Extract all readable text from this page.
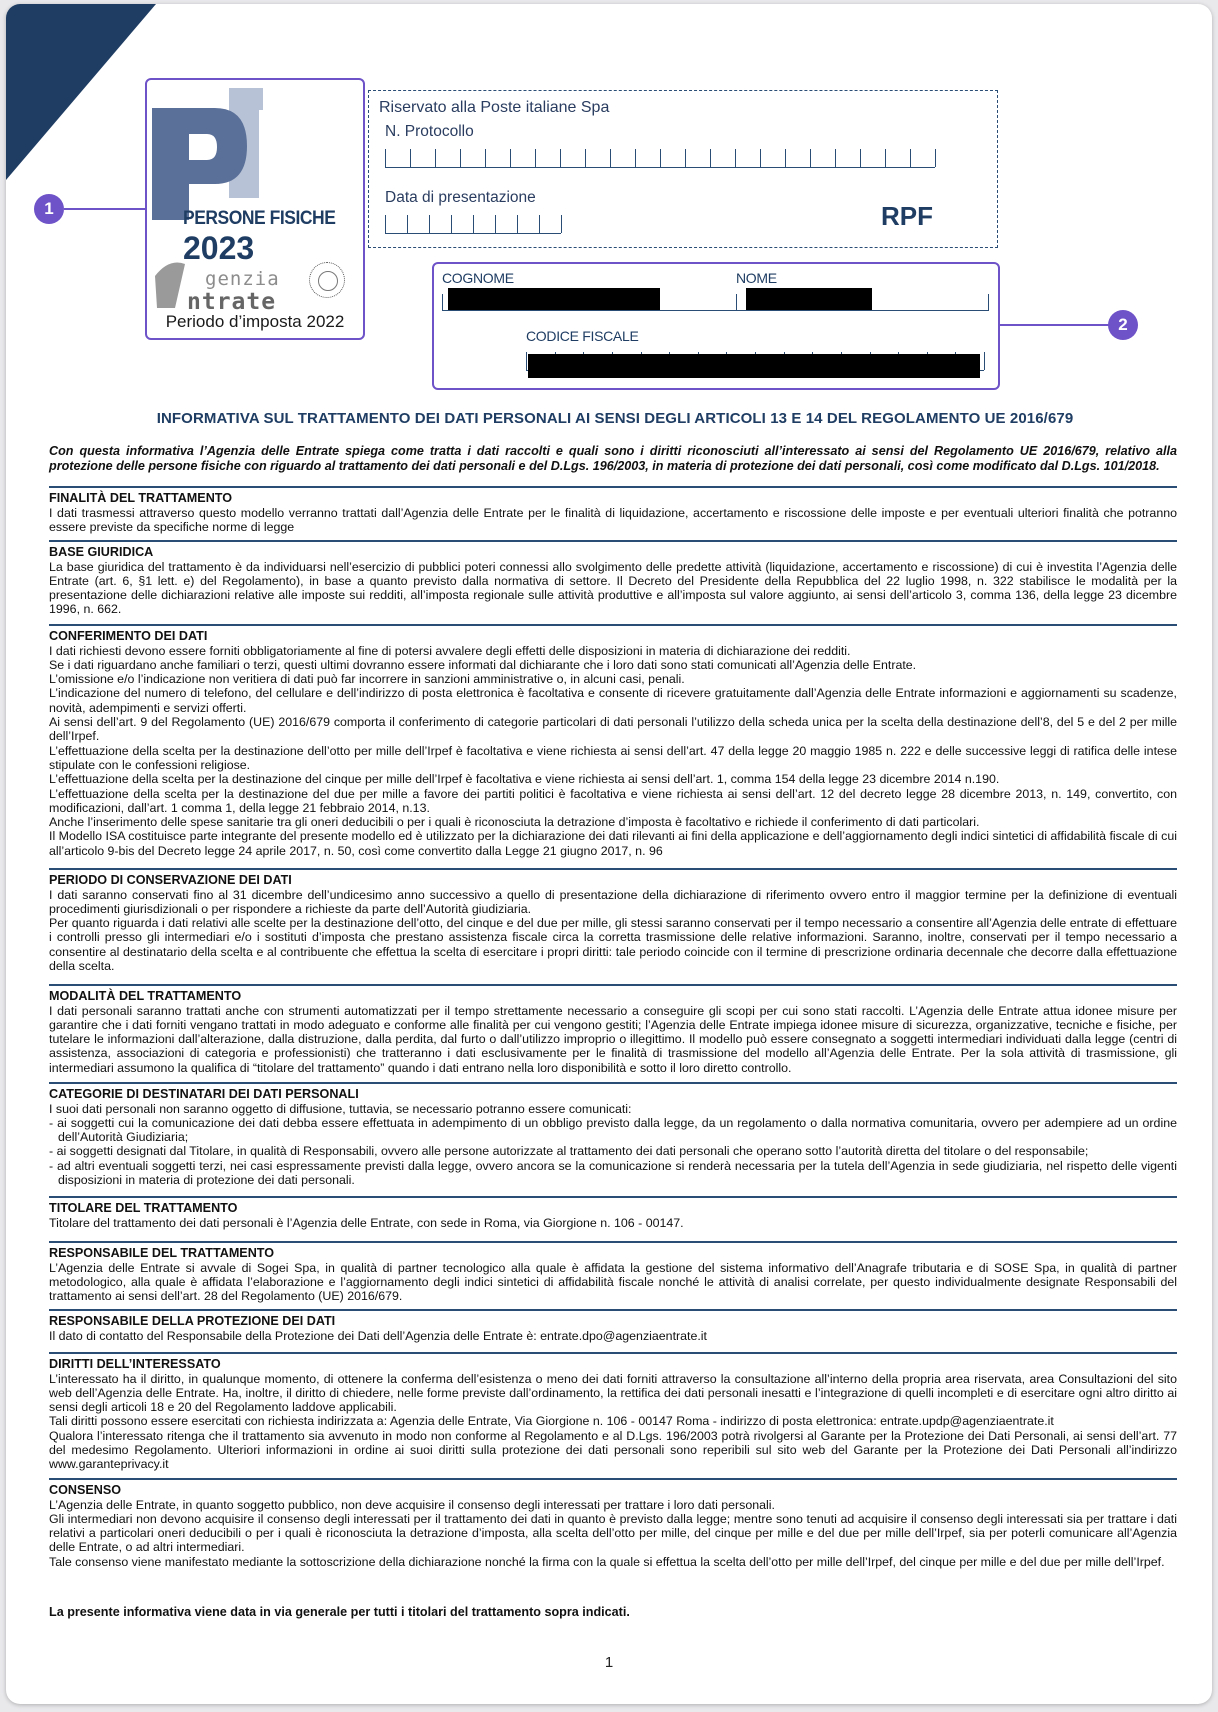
PERSONE FISICHE
2023
genzia
ntrate
Periodo d’imposta 2022
1
2
Riservato alla Poste italiane Spa
N. Protocollo
Data di presentazione
RPF
COGNOME	NOME
CODICE FISCALE
INFORMATIVA SUL TRATTAMENTO DEI DATI PERSONALI AI SENSI DEGLI ARTICOLI 13 E 14 DEL REGOLAMENTO UE 2016/679

Con questa informativa l’Agenzia delle Entrate spiega come tratta i dati raccolti e quali sono i diritti riconosciuti all’interessato ai sensi del Regolamento UE 2016/679, relativo alla protezione delle persone fisiche con riguardo al trattamento dei dati personali e del D.Lgs. 196/2003, in materia di protezione dei dati personali, così come modificato dal D.Lgs. 101/2018.

FINALITÀ DEL TRATTAMENTO

I dati trasmessi attraverso questo modello verranno trattati dall’Agenzia delle Entrate per le finalità di liquidazione, accertamento e riscossione delle imposte e per eventuali ulteriori finalità che potranno essere previste da specifiche norme di legge

BASE GIURIDICA

La base giuridica del trattamento è da individuarsi nell’esercizio di pubblici poteri connessi allo svolgimento delle predette attività (liquidazione, accertamento e riscossione) di cui è investita l’Agenzia delle Entrate (art. 6, §1 lett. e) del Regolamento), in base a quanto previsto dalla normativa di settore. Il Decreto del Presidente della Repubblica del 22 luglio 1998, n. 322 stabilisce le modalità per la presentazione delle dichiarazioni relative alle imposte sui redditi, all’imposta regionale sulle attività produttive e all’imposta sul valore aggiunto, ai sensi dell’articolo 3, comma 136, della legge 23 dicembre 1996, n. 662.

CONFERIMENTO DEI DATI

I dati richiesti devono essere forniti obbligatoriamente al fine di potersi avvalere degli effetti delle disposizioni in materia di dichiarazione dei redditi.

Se i dati riguardano anche familiari o terzi, questi ultimi dovranno essere informati dal dichiarante che i loro dati sono stati comunicati all’Agenzia delle Entrate.

L’omissione e/o l’indicazione non veritiera di dati può far incorrere in sanzioni amministrative o, in alcuni casi, penali.

L’indicazione del numero di telefono, del cellulare e dell’indirizzo di posta elettronica è facoltativa e consente di ricevere gratuitamente dall’Agenzia delle Entrate informazioni e aggiornamenti su scadenze, novità, adempimenti e servizi offerti.

Ai sensi dell’art. 9 del Regolamento (UE) 2016/679 comporta il conferimento di categorie particolari di dati personali l’utilizzo della scheda unica per la scelta della destinazione dell’8, del 5 e del 2 per mille dell’Irpef.

L’effettuazione della scelta per la destinazione dell’otto per mille dell’Irpef è facoltativa e viene richiesta ai sensi dell’art. 47 della legge 20 maggio 1985 n. 222 e delle successive leggi di ratifica delle intese stipulate con le confessioni religiose.

L’effettuazione della scelta per la destinazione del cinque per mille dell’Irpef è facoltativa e viene richiesta ai sensi dell’art. 1, comma 154 della legge 23 dicembre 2014 n.190.

L’effettuazione della scelta per la destinazione del due per mille a favore dei partiti politici è facoltativa e viene richiesta ai sensi dell’art. 12 del decreto legge 28 dicembre 2013, n. 149, convertito, con modificazioni, dall’art. 1 comma 1, della legge 21 febbraio 2014, n.13.

Anche l’inserimento delle spese sanitarie tra gli oneri deducibili o per i quali è riconosciuta la detrazione d’imposta è facoltativo e richiede il conferimento di dati particolari.

Il Modello ISA costituisce parte integrante del presente modello ed è utilizzato per la dichiarazione dei dati rilevanti ai fini della applicazione e dell’aggiornamento degli indici sintetici di affidabilità fiscale di cui all’articolo 9-bis del Decreto legge 24 aprile 2017, n. 50, così come convertito dalla Legge 21 giugno 2017, n. 96

PERIODO DI CONSERVAZIONE DEI DATI

I dati saranno conservati fino al 31 dicembre dell’undicesimo anno successivo a quello di presentazione della dichiarazione di riferimento ovvero entro il maggior termine per la definizione di eventuali procedimenti giurisdizionali o per rispondere a richieste da parte dell’Autorità giudiziaria.

Per quanto riguarda i dati relativi alle scelte per la destinazione dell’otto, del cinque e del due per mille, gli stessi saranno conservati per il tempo necessario a consentire all’Agenzia delle entrate di effettuare i controlli presso gli intermediari e/o i sostituti d’imposta che prestano assistenza fiscale circa la corretta trasmissione delle relative informazioni. Saranno, inoltre, conservati per il tempo necessario a consentire al destinatario della scelta e al contribuente che effettua la scelta di esercitare i propri diritti: tale periodo coincide con il termine di prescrizione ordinaria decennale che decorre dalla effettuazione della scelta.

MODALITÀ DEL TRATTAMENTO

I dati personali saranno trattati anche con strumenti automatizzati per il tempo strettamente necessario a conseguire gli scopi per cui sono stati raccolti. L’Agenzia delle Entrate attua idonee misure per garantire che i dati forniti vengano trattati in modo adeguato e conforme alle finalità per cui vengono gestiti; l’Agenzia delle Entrate impiega idonee misure di sicurezza, organizzative, tecniche e fisiche, per tutelare le informazioni dall’alterazione, dalla distruzione, dalla perdita, dal furto o dall’utilizzo improprio o illegittimo. Il modello può essere consegnato a soggetti intermediari individuati dalla legge (centri di assistenza, associazioni di categoria e professionisti) che tratteranno i dati esclusivamente per le finalità di trasmissione del modello all’Agenzia delle Entrate. Per la sola attività di trasmissione, gli intermediari assumono la qualifica di “titolare del trattamento” quando i dati entrano nella loro disponibilità e sotto il loro diretto controllo.

CATEGORIE DI DESTINATARI DEI DATI PERSONALI

I suoi dati personali non saranno oggetto di diffusione, tuttavia, se necessario potranno essere comunicati:

- ai soggetti cui la comunicazione dei dati debba essere effettuata in adempimento di un obbligo previsto dalla legge, da un regolamento o dalla normativa comunitaria, ovvero per adempiere ad un ordine dell’Autorità Giudiziaria;

- ai soggetti designati dal Titolare, in qualità di Responsabili, ovvero alle persone autorizzate al trattamento dei dati personali che operano sotto l’autorità diretta del titolare o del responsabile;

- ad altri eventuali soggetti terzi, nei casi espressamente previsti dalla legge, ovvero ancora se la comunicazione si renderà necessaria per la tutela dell’Agenzia in sede giudiziaria, nel rispetto delle vigenti disposizioni in materia di protezione dei dati personali.

TITOLARE DEL TRATTAMENTO

Titolare del trattamento dei dati personali è l’Agenzia delle Entrate, con sede in Roma, via Giorgione n. 106 - 00147.

RESPONSABILE DEL TRATTAMENTO

L’Agenzia delle Entrate si avvale di Sogei Spa, in qualità di partner tecnologico alla quale è affidata la gestione del sistema informativo dell’Anagrafe tributaria e di SOSE Spa, in qualità di partner metodologico, alla quale è affidata l’elaborazione e l’aggiornamento degli indici sintetici di affidabilità fiscale nonché le attività di analisi correlate, per questo individualmente designate Responsabili del trattamento ai sensi dell’art. 28 del Regolamento (UE) 2016/679.

RESPONSABILE DELLA PROTEZIONE DEI DATI

Il dato di contatto del Responsabile della Protezione dei Dati dell’Agenzia delle Entrate è: entrate.dpo@agenziaentrate.it

DIRITTI DELL’INTERESSATO

L’interessato ha il diritto, in qualunque momento, di ottenere la conferma dell’esistenza o meno dei dati forniti attraverso la consultazione all’interno della propria area riservata, area Consultazioni del sito web dell’Agenzia delle Entrate. Ha, inoltre, il diritto di chiedere, nelle forme previste dall’ordinamento, la rettifica dei dati personali inesatti e l’integrazione di quelli incompleti e di esercitare ogni altro diritto ai sensi degli articoli 18 e 20 del Regolamento laddove applicabili.

Tali diritti possono essere esercitati con richiesta indirizzata a: Agenzia delle Entrate, Via Giorgione n. 106 - 00147 Roma - indirizzo di posta elettronica: entrate.updp@agenziaentrate.it

Qualora l’interessato ritenga che il trattamento sia avvenuto in modo non conforme al Regolamento e al D.Lgs. 196/2003 potrà rivolgersi al Garante per la Protezione dei Dati Personali, ai sensi dell’art. 77 del medesimo Regolamento. Ulteriori informazioni in ordine ai suoi diritti sulla protezione dei dati personali sono reperibili sul sito web del Garante per la Protezione dei Dati Personali all’indirizzo www.garanteprivacy.it

CONSENSO

L’Agenzia delle Entrate, in quanto soggetto pubblico, non deve acquisire il consenso degli interessati per trattare i loro dati personali.

Gli intermediari non devono acquisire il consenso degli interessati per il trattamento dei dati in quanto è previsto dalla legge; mentre sono tenuti ad acquisire il consenso degli interessati sia per trattare i dati relativi a particolari oneri deducibili o per i quali è riconosciuta la detrazione d’imposta, alla scelta dell’otto per mille, del cinque per mille e del due per mille dell’Irpef, sia per poterli comunicare all’Agenzia delle Entrate, o ad altri intermediari.

Tale consenso viene manifestato mediante la sottoscrizione della dichiarazione nonché la firma con la quale si effettua la scelta dell’otto per mille dell’Irpef, del cinque per mille e del due per mille dell’Irpef.

La presente informativa viene data in via generale per tutti i titolari del trattamento sopra indicati.

1
